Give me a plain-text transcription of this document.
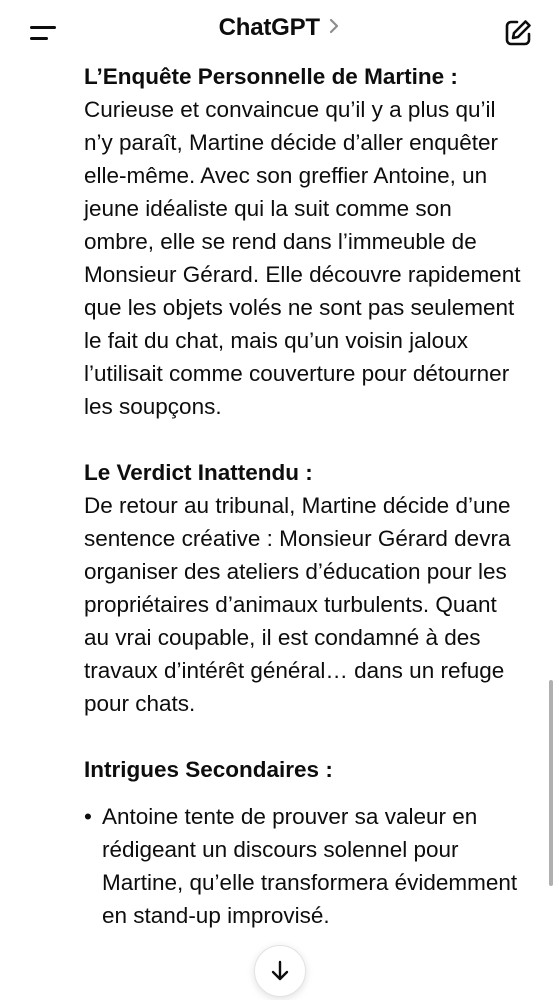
ChatGPT

L’Enquête Personnelle de Martine :

Curieuse et convaincue qu’il y a plus qu’il n’y paraît, Martine décide d’aller enquêter elle-même. Avec son greffier Antoine, un jeune idéaliste qui la suit comme son ombre, elle se rend dans l’immeuble de Monsieur Gérard. Elle découvre rapidement que les objets volés ne sont pas seulement le fait du chat, mais qu’un voisin jaloux l’utilisait comme couverture pour détourner les soupçons.

Le Verdict Inattendu :

De retour au tribunal, Martine décide d’une sentence créative : Monsieur Gérard devra organiser des ateliers d’éducation pour les propriétaires d’animaux turbulents. Quant au vrai coupable, il est condamné à des travaux d’intérêt général… dans un refuge pour chats.

Intrigues Secondaires :

• Antoine tente de prouver sa valeur en rédigeant un discours solennel pour Martine, qu’elle transformera évidemment en stand-up improvisé.
